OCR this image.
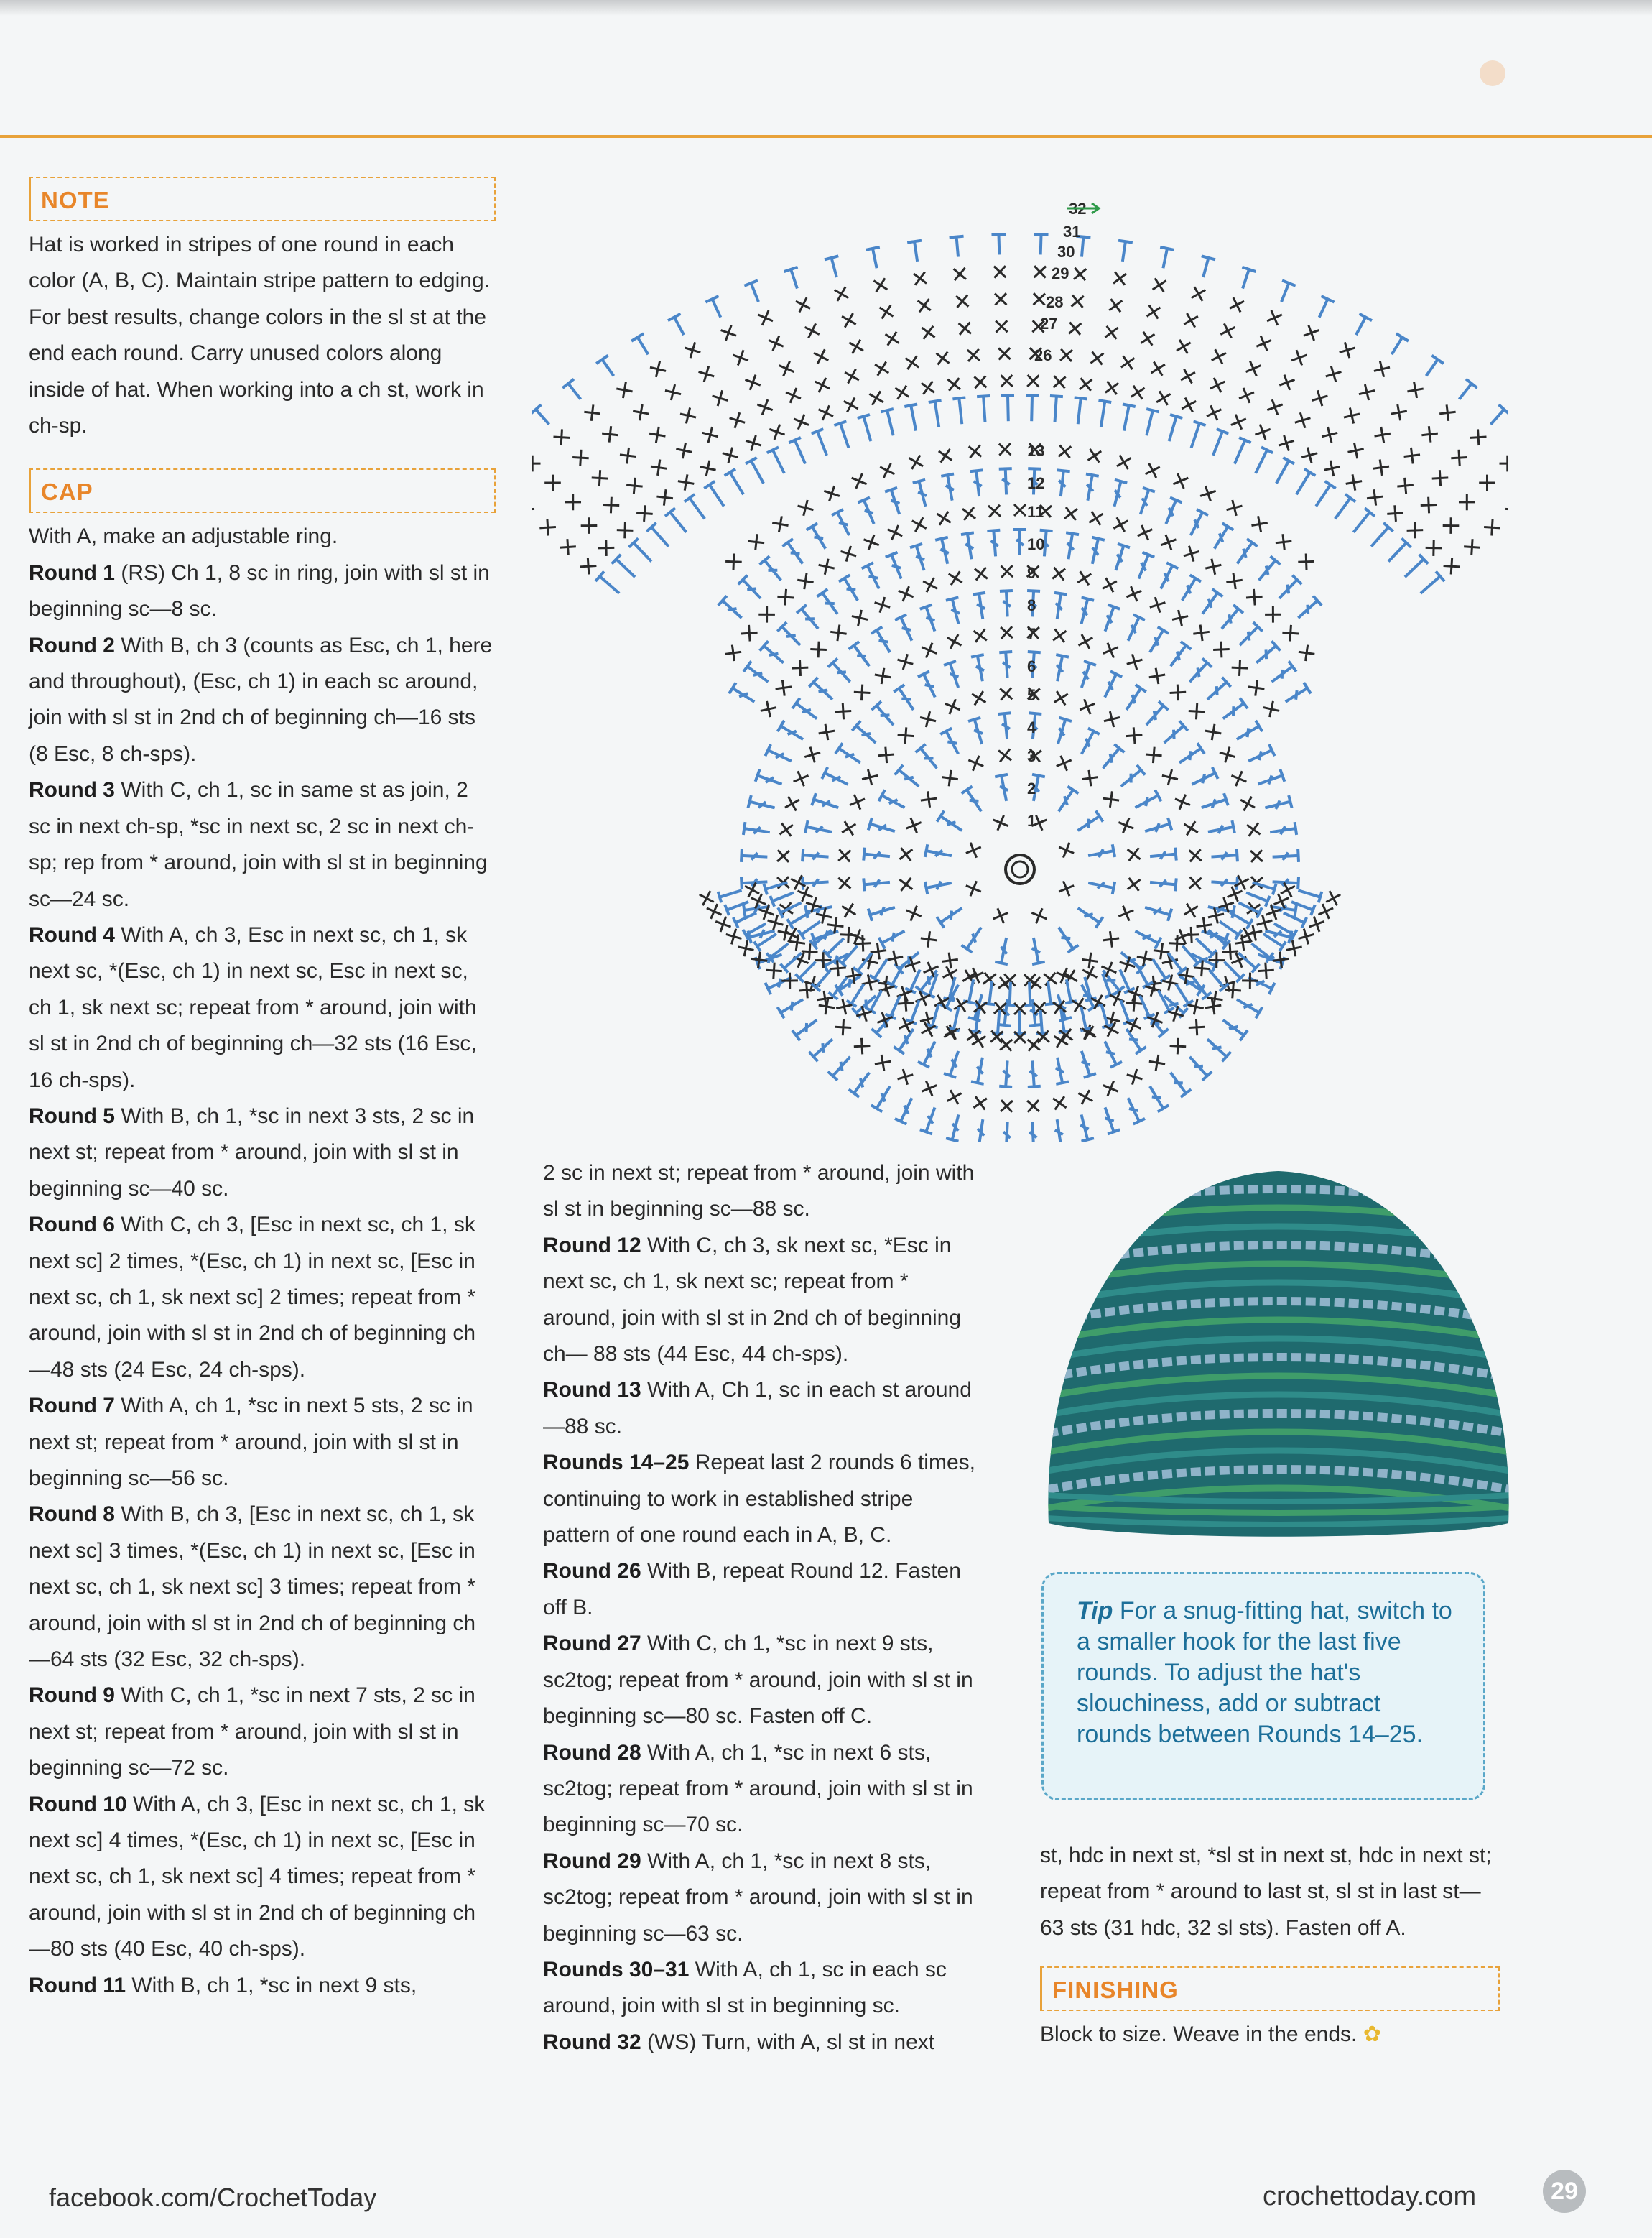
NOTE

Hat is worked in stripes of one round in each color (A, B, C). Maintain stripe pattern to edging. For best results, change colors in the sl st at the end each round. Carry unused colors along inside of hat. When working into a ch st, work in ch-sp.

CAP

With A, make an adjustable ring.

Round 1 (RS) Ch 1, 8 sc in ring, join with sl st in beginning sc—8 sc.

Round 2 With B, ch 3 (counts as Esc, ch 1, here and throughout), (Esc, ch 1) in each sc around, join with sl st in 2nd ch of beginning ch—16 sts (8 Esc, 8 ch-sps).

Round 3 With C, ch 1, sc in same st as join, 2 sc in next ch-sp, *sc in next sc, 2 sc in next ch-sp; rep from * around, join with sl st in beginning sc—24 sc.

Round 4 With A, ch 3, Esc in next sc, ch 1, sk next sc, *(Esc, ch 1) in next sc, Esc in next sc, ch 1, sk next sc; repeat from * around, join with sl st in 2nd ch of beginning ch—32 sts (16 Esc, 16 ch-sps).

Round 5 With B, ch 1, *sc in next 3 sts, 2 sc in next st; repeat from * around, join with sl st in beginning sc—40 sc.

Round 6 With C, ch 3, [Esc in next sc, ch 1, sk next sc] 2 times, *(Esc, ch 1) in next sc, [Esc in next sc, ch 1, sk next sc] 2 times; repeat from * around, join with sl st in 2nd ch of beginning ch—48 sts (24 Esc, 24 ch-sps).

Round 7 With A, ch 1, *sc in next 5 sts, 2 sc in next st; repeat from * around, join with sl st in beginning sc—56 sc.

Round 8 With B, ch 3, [Esc in next sc, ch 1, sk next sc] 3 times, *(Esc, ch 1) in next sc, [Esc in next sc, ch 1, sk next sc] 3 times; repeat from * around, join with sl st in 2nd ch of beginning ch—64 sts (32 Esc, 32 ch-sps).

Round 9 With C, ch 1, *sc in next 7 sts, 2 sc in next st; repeat from * around, join with sl st in beginning sc—72 sc.

Round 10 With A, ch 3, [Esc in next sc, ch 1, sk next sc] 4 times, *(Esc, ch 1) in next sc, [Esc in next sc, ch 1, sk next sc] 4 times; repeat from * around, join with sl st in 2nd ch of beginning ch—80 sts (40 Esc, 40 ch-sps).

Round 11 With B, ch 1, *sc in next 9 sts,

1
2
3
4
5
6
7
8
9
10
11
12
13
26
27
28
29
30
31
32

2 sc in next st; repeat from * around, join with sl st in beginning sc—88 sc.

Round 12 With C, ch 3, sk next sc, *Esc in next sc, ch 1, sk next sc; repeat from * around, join with sl st in 2nd ch of beginning ch— 88 sts (44 Esc, 44 ch-sps).

Round 13 With A, Ch 1, sc in each st around—88 sc.

Rounds 14–25 Repeat last 2 rounds 6 times, continuing to work in established stripe pattern of one round each in A, B, C.

Round 26 With B, repeat Round 12. Fasten off B.

Round 27 With C, ch 1, *sc in next 9 sts, sc2tog; repeat from * around, join with sl st in beginning sc—80 sc. Fasten off C.

Round 28 With A, ch 1, *sc in next 6 sts, sc2tog; repeat from * around, join with sl st in beginning sc—70 sc.

Round 29 With A, ch 1, *sc in next 8 sts, sc2tog; repeat from * around, join with sl st in beginning sc—63 sc.

Rounds 30–31 With A, ch 1, sc in each sc around, join with sl st in beginning sc.

Round 32 (WS) Turn, with A, sl st in next

Tip For a snug-fitting hat, switch to a smaller hook for the last five rounds. To adjust the hat's slouchiness, add or subtract rounds between Rounds 14–25.

st, hdc in next st, *sl st in next st, hdc in next st; repeat from * around to last st, sl st in last st—63 sts (31 hdc, 32 sl sts). Fasten off A.

FINISHING

Block to size. Weave in the ends. ✿

facebook.com/CrochetToday	crochettoday.com	29
